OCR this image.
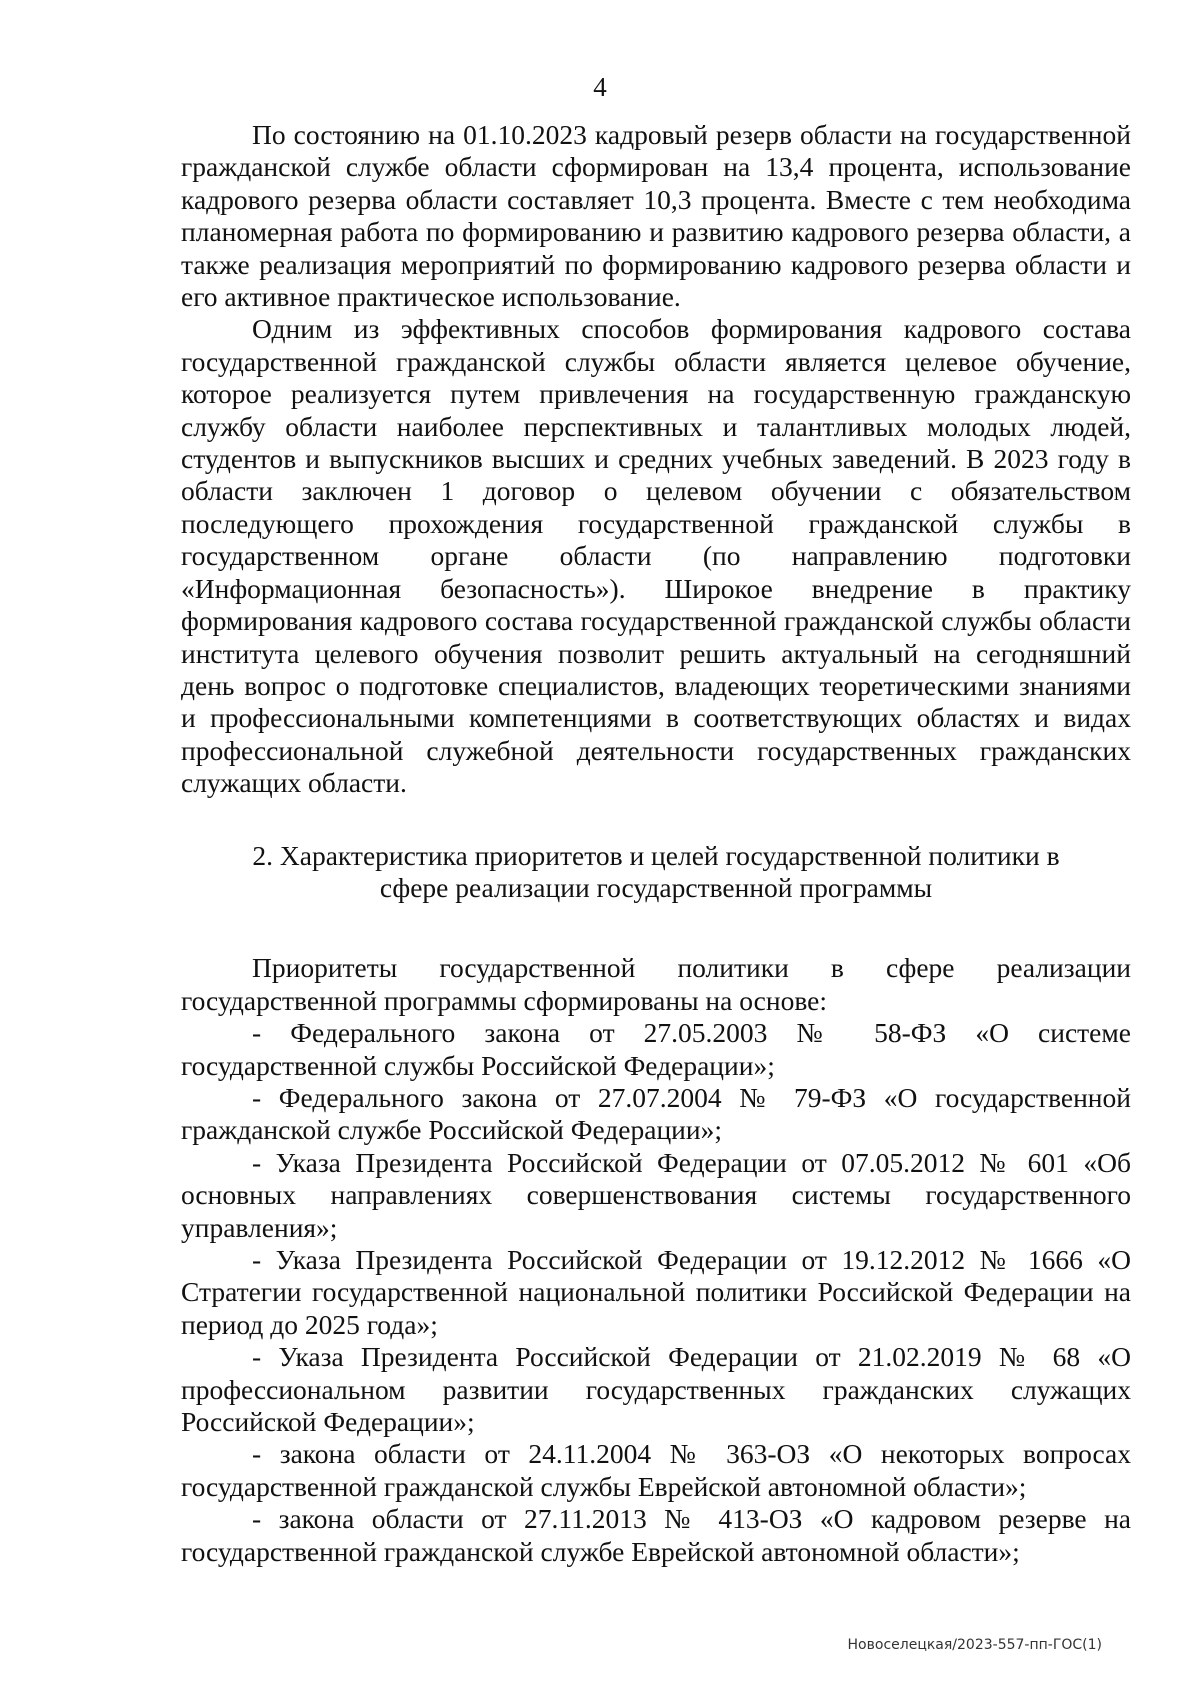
4

По состоянию на 01.10.2023 кадровый резерв области на государственной гражданской службе области сформирован на 13,4 процента, использование кадрового резерва области составляет 10,3 процента. Вместе с тем необходима планомерная работа по формированию и развитию кадрового резерва области, а также реализация мероприятий по формированию кадрового резерва области и его активное практическое использование.

Одним из эффективных способов формирования кадрового состава государственной гражданской службы области является целевое обучение, которое реализуется путем привлечения на государственную гражданскую службу области наиболее перспективных и талантливых молодых людей, студентов и выпускников высших и средних учебных заведений. В 2023 году в области заключен 1 договор о целевом обучении с обязательством последующего прохождения государственной гражданской службы в государственном органе области (по направлению подготовки «Информационная безопасность»). Широкое внедрение в практику формирования кадрового состава государственной гражданской службы области института целевого обучения позволит решить актуальный на сегодняшний день вопрос о подготовке специалистов, владеющих теоретическими знаниями и профессиональными компетенциями в соответствующих областях и видах профессиональной служебной деятельности государственных гражданских служащих области.

2. Характеристика приоритетов и целей государственной политики в
сфере реализации государственной программы

Приоритеты государственной политики в сфере реализации государственной программы сформированы на основе:

- Федерального закона от 27.05.2003 № 58-ФЗ «О системе государственной службы Российской Федерации»;

- Федерального закона от 27.07.2004 № 79-ФЗ «О государственной гражданской службе Российской Федерации»;

- Указа Президента Российской Федерации от 07.05.2012 № 601 «Об основных направлениях совершенствования системы государственного управления»;

- Указа Президента Российской Федерации от 19.12.2012 № 1666 «О Стратегии государственной национальной политики Российской Федерации на период до 2025 года»;

- Указа Президента Российской Федерации от 21.02.2019 № 68 «О профессиональном развитии государственных гражданских служащих Российской Федерации»;

- закона области от 24.11.2004 № 363-ОЗ «О некоторых вопросах государственной гражданской службы Еврейской автономной области»;

- закона области от 27.11.2013 № 413-ОЗ «О кадровом резерве на государственной гражданской службе Еврейской автономной области»;

Новоселецкая/2023-557-пп-ГОС(1)
